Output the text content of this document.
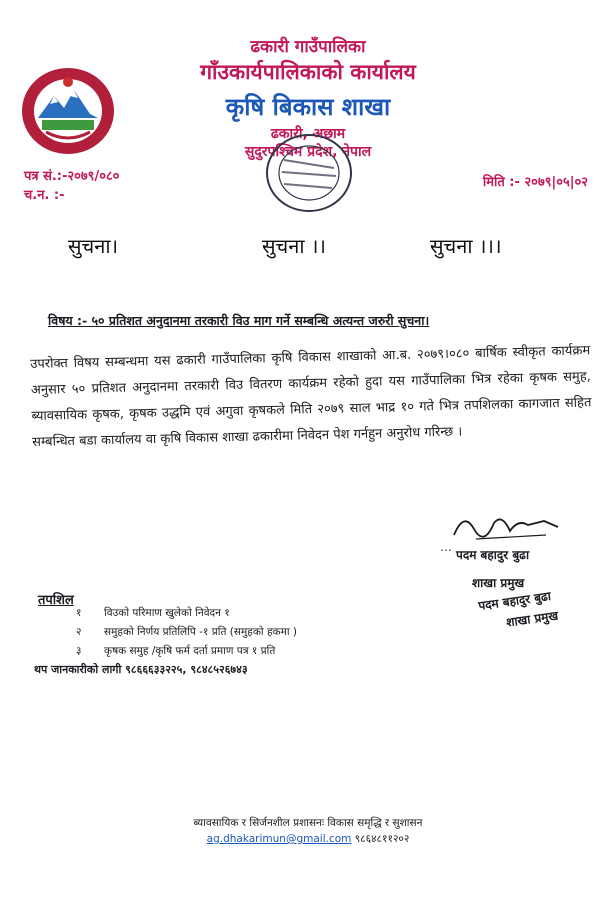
ढकारी गाउँपालिका
गाँउकार्यपालिकाको कार्यालय
कृषि बिकास शाखा
ढकारी, अछाम
सुदुरपश्चिम प्रदेश, नेपाल
पत्र सं.:-२०७९/०८०
च.न. :-
मिति :- २०७९|०५|०२
सुचना।	सुचना ।।	सुचना ।।।
विषय :- ५० प्रतिशत अनुदानमा तरकारी विउ माग गर्ने सम्बन्धि अत्यन्त जरुरी सुचना।
उपरोक्त विषय सम्बन्धमा यस ढकारी गाउँपालिका कृषि विकास शाखाको आ.ब. २०७९।०८० बार्षिक स्वीकृत कार्यक्रम अनुसार ५० प्रतिशत अनुदानमा तरकारी विउ वितरण कार्यक्रम रहेको हुदा यस गाउँपालिका भित्र रहेका कृषक समुह, ब्यावसायिक कृषक, कृषक उद्धमि एवं अगुवा कृषकले मिति २०७९ साल भाद्र १० गते भित्र तपशिलका कागजात सहित सम्बन्धित बडा कार्यालय वा कृषि विकास शाखा ढकारीमा निवेदन पेश गर्नहुन अनुरोध गरिन्छ ।
…
पदम बहादुर बुढा
शाखा प्रमुख
पदम बहादुर बुढा
शाखा प्रमुख
तपशिल
१ विउको परिमाण खुलेको निवेदन १
२ समुहको निर्णय प्रतिलिपि -१ प्रति (समुहको हकमा )
३ कृषक समुह /कृषि फर्म दर्ता प्रमाण पत्र १ प्रति
थप जानकारीको लागी ९८६६६३३२२५, ९८४८५२६७४३
ब्यावसायिक र सिर्जनशील प्रशासनः विकास समृद्धि र सुशासन
ag.dhakarimun@gmail.com ९८६४८११२०२
